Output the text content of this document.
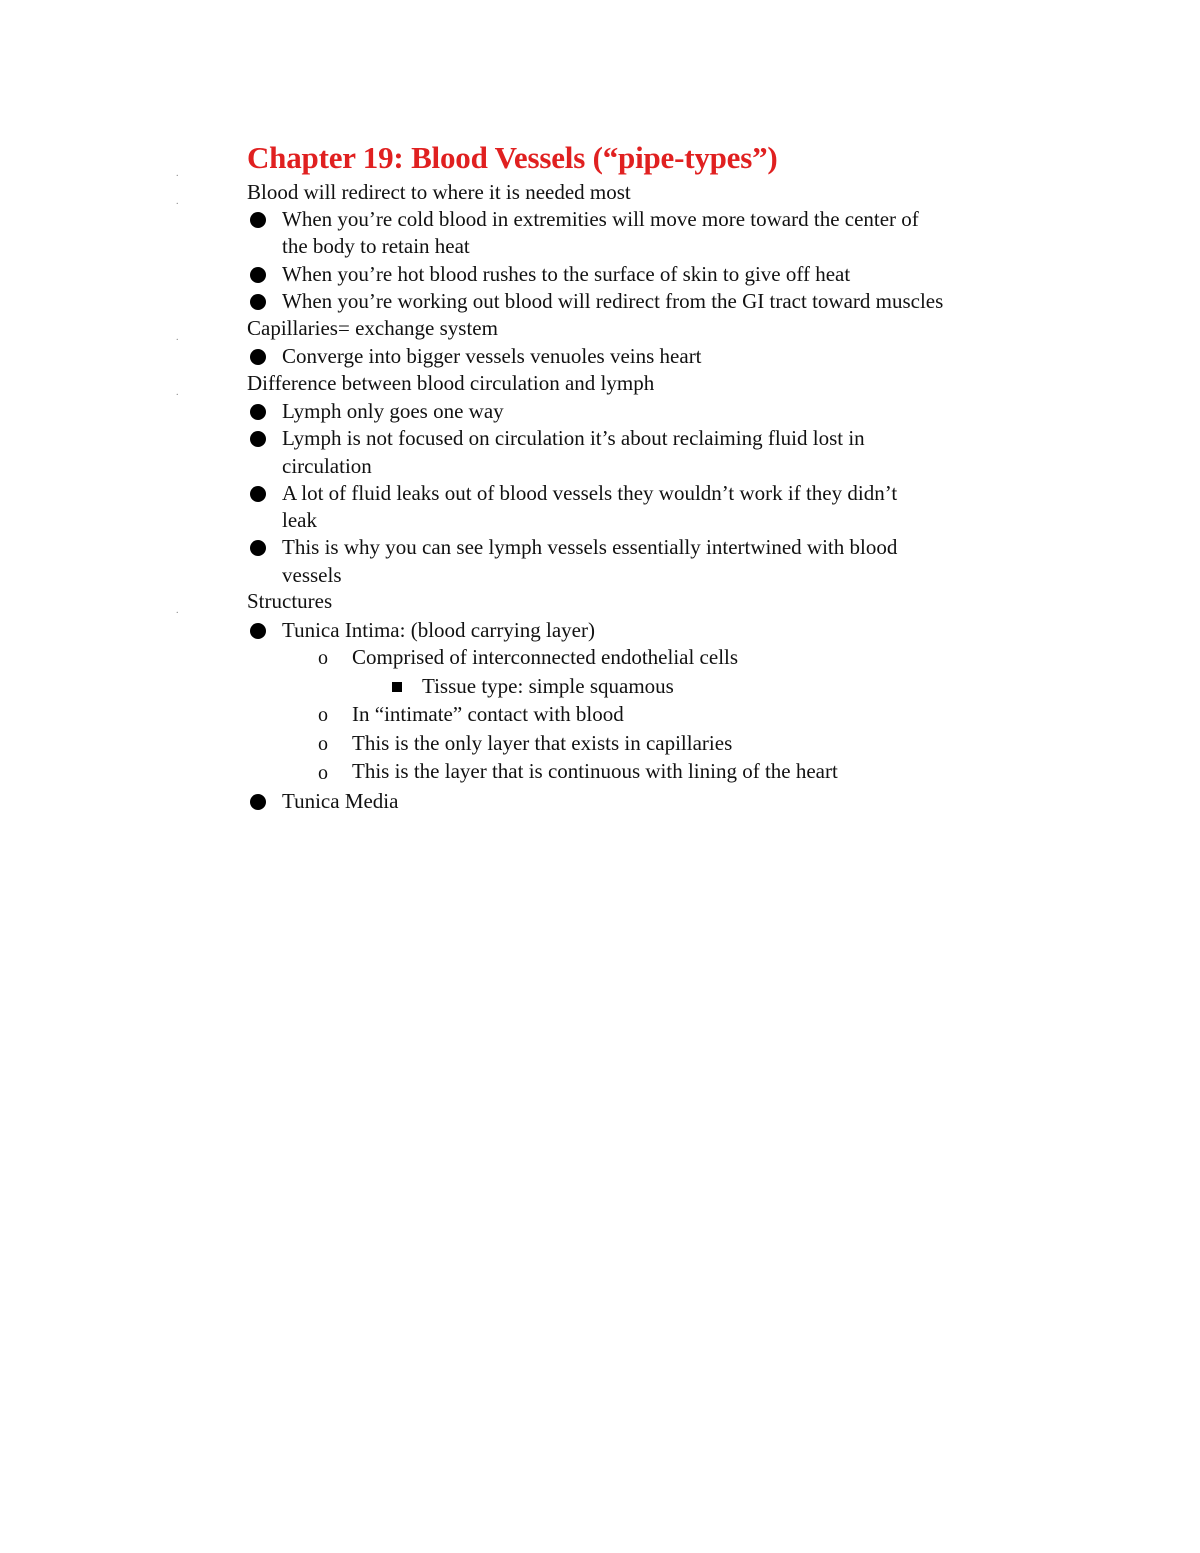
.
.
.
.
.
Chapter 19: Blood Vessels (“pipe-types”)
Blood will redirect to where it is needed most
When you’re cold blood in extremities will move more toward the center of
the body to retain heat
When you’re hot blood rushes to the surface of skin to give off heat
When you’re working out blood will redirect from the GI tract toward muscles
Capillaries= exchange system
Converge into bigger vessels venuoles veins heart
Difference between blood circulation and lymph
Lymph only goes one way
Lymph is not focused on circulation it’s about reclaiming fluid lost in
circulation
A lot of fluid leaks out of blood vessels they wouldn’t work if they didn’t
leak
This is why you can see lymph vessels essentially intertwined with blood
vessels
Structures
Tunica Intima: (blood carrying layer)
o Comprised of interconnected endothelial cells
Tissue type: simple squamous
o In “intimate” contact with blood
o This is the only layer that exists in capillaries
o This is the layer that is continuous with lining of the heart
Tunica Media
